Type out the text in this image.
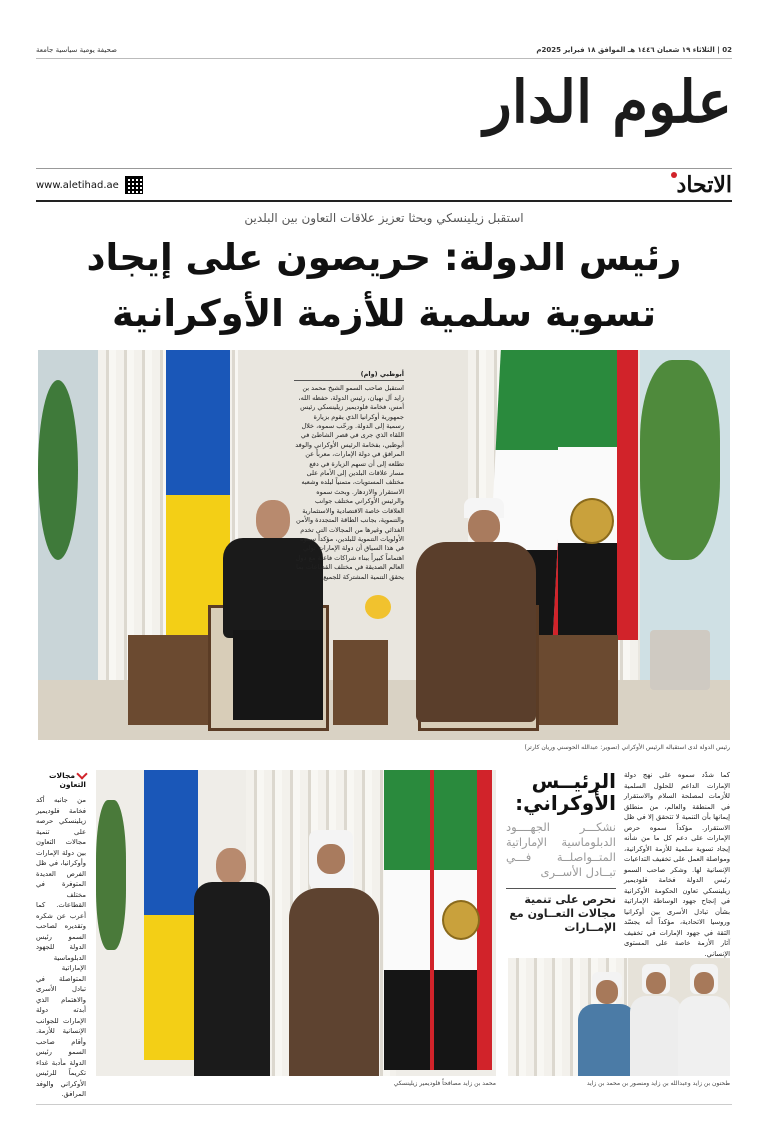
02 | الثلاثاء ١٩ شعبان ١٤٤٦ هـ الموافق ١٨ فبراير 2025م
صحيفة يومية سياسية جامعة
علوم الدار
الاتحاد
www.aletihad.ae
استقبل زيلينسكي وبحثا تعزيز علاقات التعاون بين البلدين
رئيس الدولة: حريصون على إيجاد
تسوية سلمية للأزمة الأوكرانية
أبوظبي (وام)
استقبل صاحب السمو الشيخ محمد بن زايد آل نهيان، رئيس الدولة، حفظه الله، أمس، فخامة فلوديمير زيلينسكي رئيس جمهورية أوكرانيا الذي يقوم بزيارة رسمية إلى الدولة. ورحّب سموه، خلال اللقاء الذي جرى في قصر الشاطئ في أبوظبي، بفخامة الرئيس الأوكراني والوفد المرافق في دولة الإمارات، معرباً عن تطلعه إلى أن تسهم الزيارة في دفع مسار علاقات البلدين إلى الأمام على مختلف المستويات، متمنياً لبلده وشعبه الاستقرار والازدهار. وبحث سموه والرئيس الأوكراني مختلف جوانب العلاقات خاصة الاقتصادية والاستثمارية والتنموية، بجانب الطاقة المتجددة والأمن الغذائي وغيرها من المجالات التي تخدم الأولويات التنموية للبلدين، مؤكداً سموه في هذا السياق أن دولة الإمارات تولي اهتماماً كبيراً ببناء شراكات فاعلة مع دول العالم الصديقة في مختلف القطاعات بما يحقق التنمية المشتركة للجميع.
رئيس الدولة لدى استقباله الرئيس الأوكراني (تصوير: عبدالله الحوسني وريان كارتر)
مجالات التعاون
من جانبه أكد فخامة فلوديمير زيلينسكي حرصه على تنمية مجالات التعاون بين دولة الإمارات وأوكرانيا، في ظل الفرص العديدة المتوفرة في مختلف القطاعات. كما أعرب عن شكره وتقديره لصاحب السمو رئيس الدولة للجهود الدبلوماسية الإماراتية المتواصلة في تبادل الأسرى والاهتمام الذي أبدته دولة الإمارات للجوانب الإنسانية للأزمة. وأقام صاحب السمو رئيس الدولة مأدبة غداء تكريماً للرئيس الأوكراني والوفد المرافق.
محمد بن زايد مصافحاً فلوديمير زيلينسكي
الرئيــس
الأوكراني:
نشكـــر الجهــــود الدبلوماسية الإماراتية المتــواصلــة فـــي تبــادل الأســرى
نحرص على تنمية مجالات التعــاون مع الإمــارات
كما شدّد سموه على نهج دولة الإمارات الداعم للحلول السلمية للأزمات لمصلحة السلام والاستقرار في المنطقة والعالم، من منطلق إيمانها بأن التنمية لا تتحقق إلا في ظل الاستقرار. مؤكداً سموه حرص الإمارات على دعم كل ما من شأنه إيجاد تسوية سلمية للأزمة الأوكرانية، ومواصلة العمل على تخفيف التداعيات الإنسانية لها. وشكر صاحب السمو رئيس الدولة فخامة فلوديمير زيلينسكي تعاون الحكومة الأوكرانية في إنجاح جهود الوساطة الإماراتية بشأن تبادل الأسرى بين أوكرانيا وروسيا الاتحادية، مؤكداً أنه يجسّد الثقة في جهود الإمارات في تخفيف آثار الأزمة خاصة على المستوى الإنساني.
طحنون بن زايد وعبدالله بن زايد ومنصور بن محمد بن زايد
